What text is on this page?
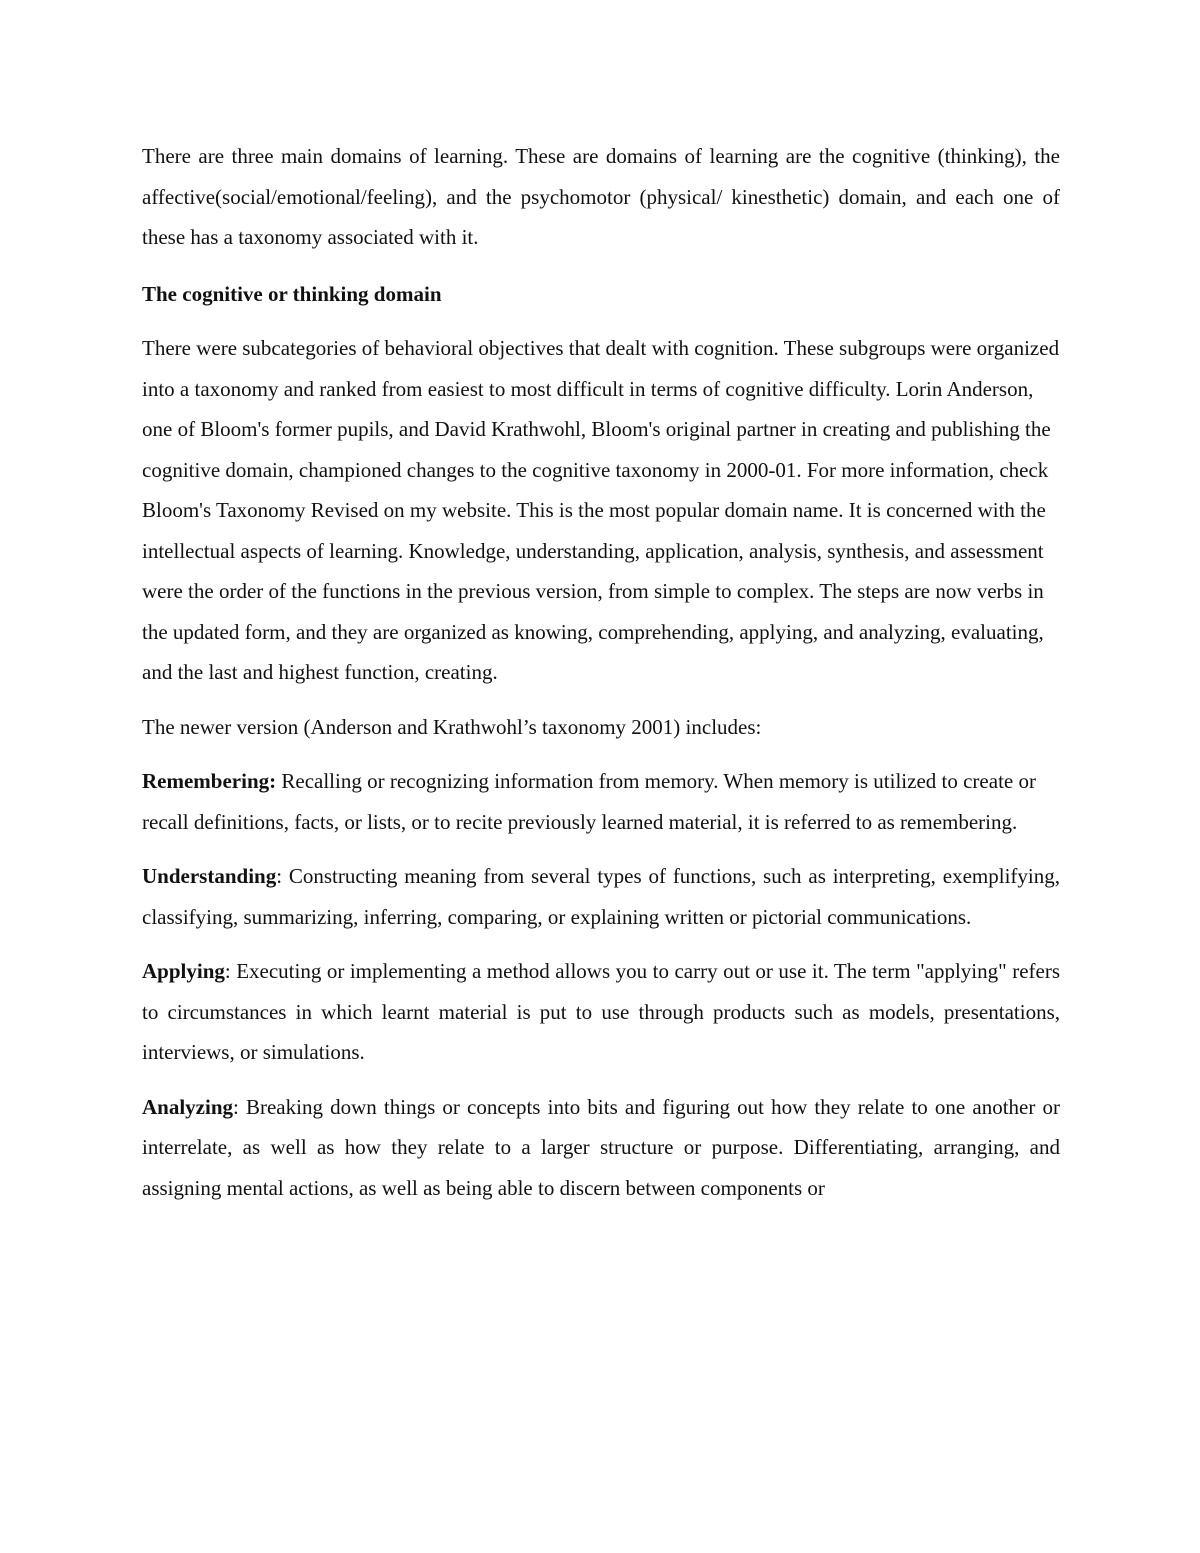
There are three main domains of learning. These are domains of learning are the cognitive (thinking), the affective(social/emotional/feeling), and the psychomotor (physical/ kinesthetic) domain, and each one of these has a taxonomy associated with it.

The cognitive or thinking domain

There were subcategories of behavioral objectives that dealt with cognition. These subgroups were organized into a taxonomy and ranked from easiest to most difficult in terms of cognitive difficulty. Lorin Anderson, one of Bloom's former pupils, and David Krathwohl, Bloom's original partner in creating and publishing the cognitive domain, championed changes to the cognitive taxonomy in 2000-01. For more information, check Bloom's Taxonomy Revised on my website. This is the most popular domain name. It is concerned with the intellectual aspects of learning. Knowledge, understanding, application, analysis, synthesis, and assessment were the order of the functions in the previous version, from simple to complex. The steps are now verbs in the updated form, and they are organized as knowing, comprehending, applying, and analyzing, evaluating, and the last and highest function, creating.

The newer version (Anderson and Krathwohl’s taxonomy 2001) includes:

Remembering: Recalling or recognizing information from memory. When memory is utilized to create or recall definitions, facts, or lists, or to recite previously learned material, it is referred to as remembering.

Understanding: Constructing meaning from several types of functions, such as interpreting, exemplifying, classifying, summarizing, inferring, comparing, or explaining written or pictorial communications.

Applying: Executing or implementing a method allows you to carry out or use it. The term "applying" refers to circumstances in which learnt material is put to use through products such as models, presentations, interviews, or simulations.

Analyzing: Breaking down things or concepts into bits and figuring out how they relate to one another or interrelate, as well as how they relate to a larger structure or purpose. Differentiating, arranging, and assigning mental actions, as well as being able to discern between components or
